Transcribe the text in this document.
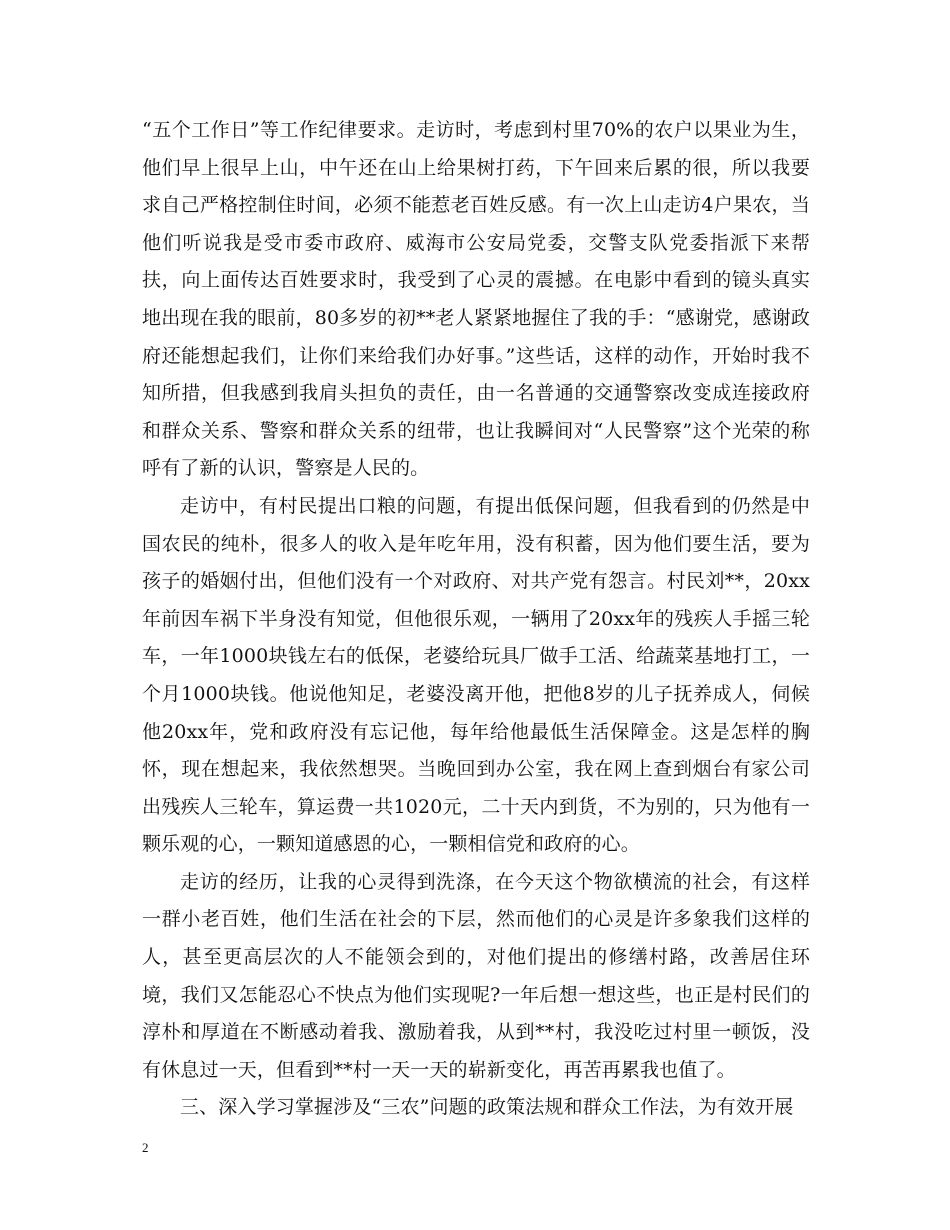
“五个工作日”等工作纪律要求。走访时，考虑到村里70%的农户以果业为生，他们早上很早上山，中午还在山上给果树打药，下午回来后累的很，所以我要求自己严格控制住时间，必须不能惹老百姓反感。有一次上山走访4户果农，当他们听说我是受市委市政府、威海市公安局党委，交警支队党委指派下来帮扶，向上面传达百姓要求时，我受到了心灵的震撼。在电影中看到的镜头真实地出现在我的眼前，80多岁的初**老人紧紧地握住了我的手：“感谢党，感谢政府还能想起我们，让你们来给我们办好事。”这些话，这样的动作，开始时我不知所措，但我感到我肩头担负的责任，由一名普通的交通警察改变成连接政府和群众关系、警察和群众关系的纽带，也让我瞬间对“人民警察”这个光荣的称呼有了新的认识，警察是人民的。

走访中，有村民提出口粮的问题，有提出低保问题，但我看到的仍然是中国农民的纯朴，很多人的收入是年吃年用，没有积蓄，因为他们要生活，要为孩子的婚姻付出，但他们没有一个对政府、对共产党有怨言。村民刘**，20xx年前因车祸下半身没有知觉，但他很乐观，一辆用了20xx年的残疾人手摇三轮车，一年1000块钱左右的低保，老婆给玩具厂做手工活、给蔬菜基地打工，一个月1000块钱。他说他知足，老婆没离开他，把他8岁的儿子抚养成人，伺候他20xx年，党和政府没有忘记他，每年给他最低生活保障金。这是怎样的胸怀，现在想起来，我依然想哭。当晚回到办公室，我在网上查到烟台有家公司出残疾人三轮车，算运费一共1020元，二十天内到货，不为别的，只为他有一颗乐观的心，一颗知道感恩的心，一颗相信党和政府的心。

走访的经历，让我的心灵得到洗涤，在今天这个物欲横流的社会，有这样一群小老百姓，他们生活在社会的下层，然而他们的心灵是许多象我们这样的人，甚至更高层次的人不能领会到的，对他们提出的修缮村路，改善居住环境，我们又怎能忍心不快点为他们实现呢?一年后想一想这些，也正是村民们的淳朴和厚道在不断感动着我、激励着我，从到**村，我没吃过村里一顿饭，没有休息过一天，但看到**村一天一天的崭新变化，再苦再累我也值了。

三、深入学习掌握涉及“三农”问题的政策法规和群众工作法，为有效开展

2
